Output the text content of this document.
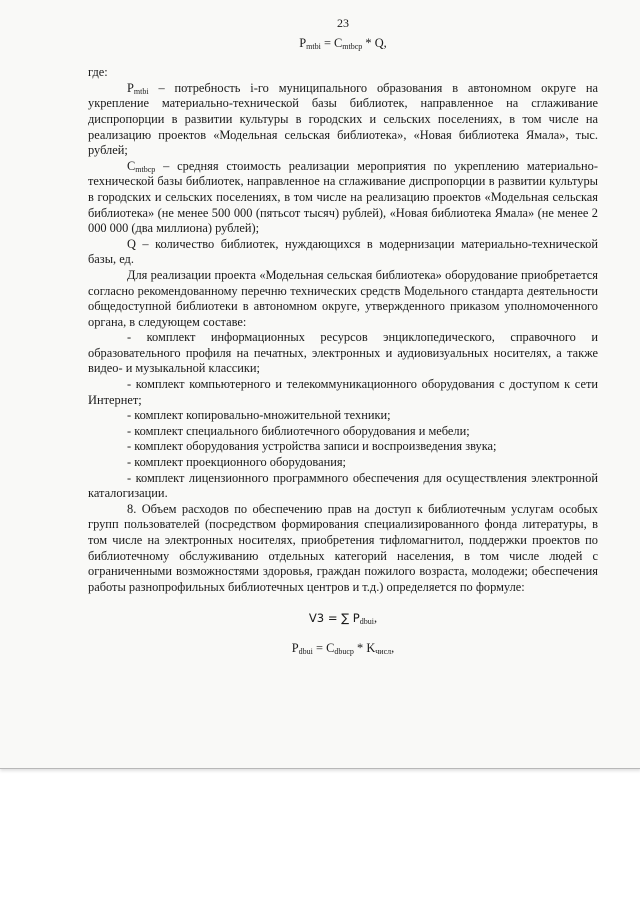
23
$P_{mtbi} = C_{mtbcp} * Q$,

где:

$P_{mtbi}$ – потребность i-го муниципального образования в автономном округе на укрепление материально-технической базы библиотек, направленное на сглаживание диспропорции в развитии культуры в городских и сельских поселениях, в том числе на реализацию проектов «Модельная сельская библиотека», «Новая библиотека Ямала», тыс. рублей;

$C_{mtbcp}$ – средняя стоимость реализации мероприятия по укреплению материально-технической базы библиотек, направленное на сглаживание диспропорции в развитии культуры в городских и сельских поселениях, в том числе на реализацию проектов «Модельная сельская библиотека» (не менее 500 000 (пятьсот тысяч) рублей), «Новая библиотека Ямала» (не менее 2 000 000 (два миллиона) рублей);

Q – количество библиотек, нуждающихся в модернизации материально-технической базы, ед.

Для реализации проекта «Модельная сельская библиотека» оборудование приобретается согласно рекомендованному перечню технических средств Модельного стандарта деятельности общедоступной библиотеки в автономном округе, утвержденного приказом уполномоченного органа, в следующем составе:

- комплект информационных ресурсов энциклопедического, справочного и образовательного профиля на печатных, электронных и аудиовизуальных носителях, а также видео- и музыкальной классики;

- комплект компьютерного и телекоммуникационного оборудования с доступом к сети Интернет;

- комплект копировально-множительной техники;

- комплект специального библиотечного оборудования и мебели;

- комплект оборудования устройства записи и воспроизведения звука;

- комплект проекционного оборудования;

- комплект лицензионного программного обеспечения для осуществления электронной каталогизации.

8. Объем расходов по обеспечению прав на доступ к библиотечным услугам особых групп пользователей (посредством формирования специализированного фонда литературы, в том числе на электронных носителях, приобретения тифломагнитол, поддержки проектов по библиотечному обслуживанию отдельных категорий населения, в том числе людей с ограниченными возможностями здоровья, граждан пожилого возраста, молодежи; обеспечения работы разнопрофильных библиотечных центров и т.д.) определяется по формуле:

V3 = ∑ $P_{dbui}$,
$P_{dbui} = C_{dbucp} * K_{числ}$,
